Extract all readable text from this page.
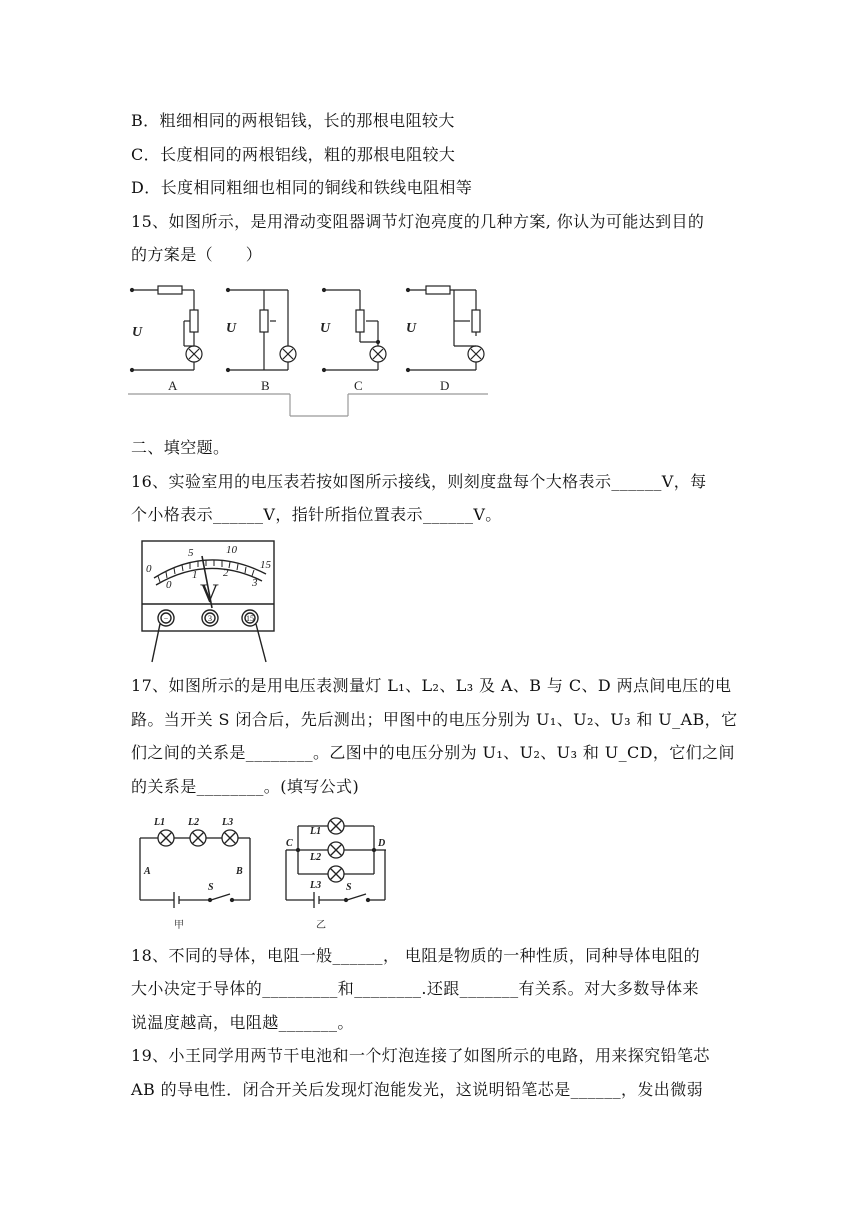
B．粗细相同的两根铝钱，长的那根电阻较大
C．长度相同的两根铝线，粗的那根电阻较大
D．长度相同粗细也相同的铜线和铁线电阻相等
15、如图所示，是用滑动变阻器调节灯泡亮度的几种方案, 你认为可能达到目的
的方案是（　　）
U	U	U	U
A	B	C	D
二、填空题。
16、实验室用的电压表若按如图所示接线，则刻度盘每个大格表示______V，每
个小格表示______V，指针所指位置表示______V。
0
5	10
15
0
1 2
3
V
−	3	15
17、如图所示的是用电压表测量灯 L₁、L₂、L₃ 及 A、B 与 C、D 两点间电压的电
路。当开关 S 闭合后，先后测出；甲图中的电压分别为 U₁、U₂、U₃ 和 U_AB，它
们之间的关系是________。乙图中的电压分别为 U₁、U₂、U₃ 和 U_CD，它们之间
的关系是________。(填写公式)
L1 L2 L3
A	B
S
L1
L2
L3
C	D
S
甲	乙
18、不同的导体，电阻一般______， 电阻是物质的一种性质，同种导体电阻的
大小决定于导体的_________和________.还跟_______有关系。对大多数导体来
说温度越高，电阻越_______。
19、小王同学用两节干电池和一个灯泡连接了如图所示的电路，用来探究铅笔芯
AB 的导电性．闭合开关后发现灯泡能发光，这说明铅笔芯是______，发出微弱
